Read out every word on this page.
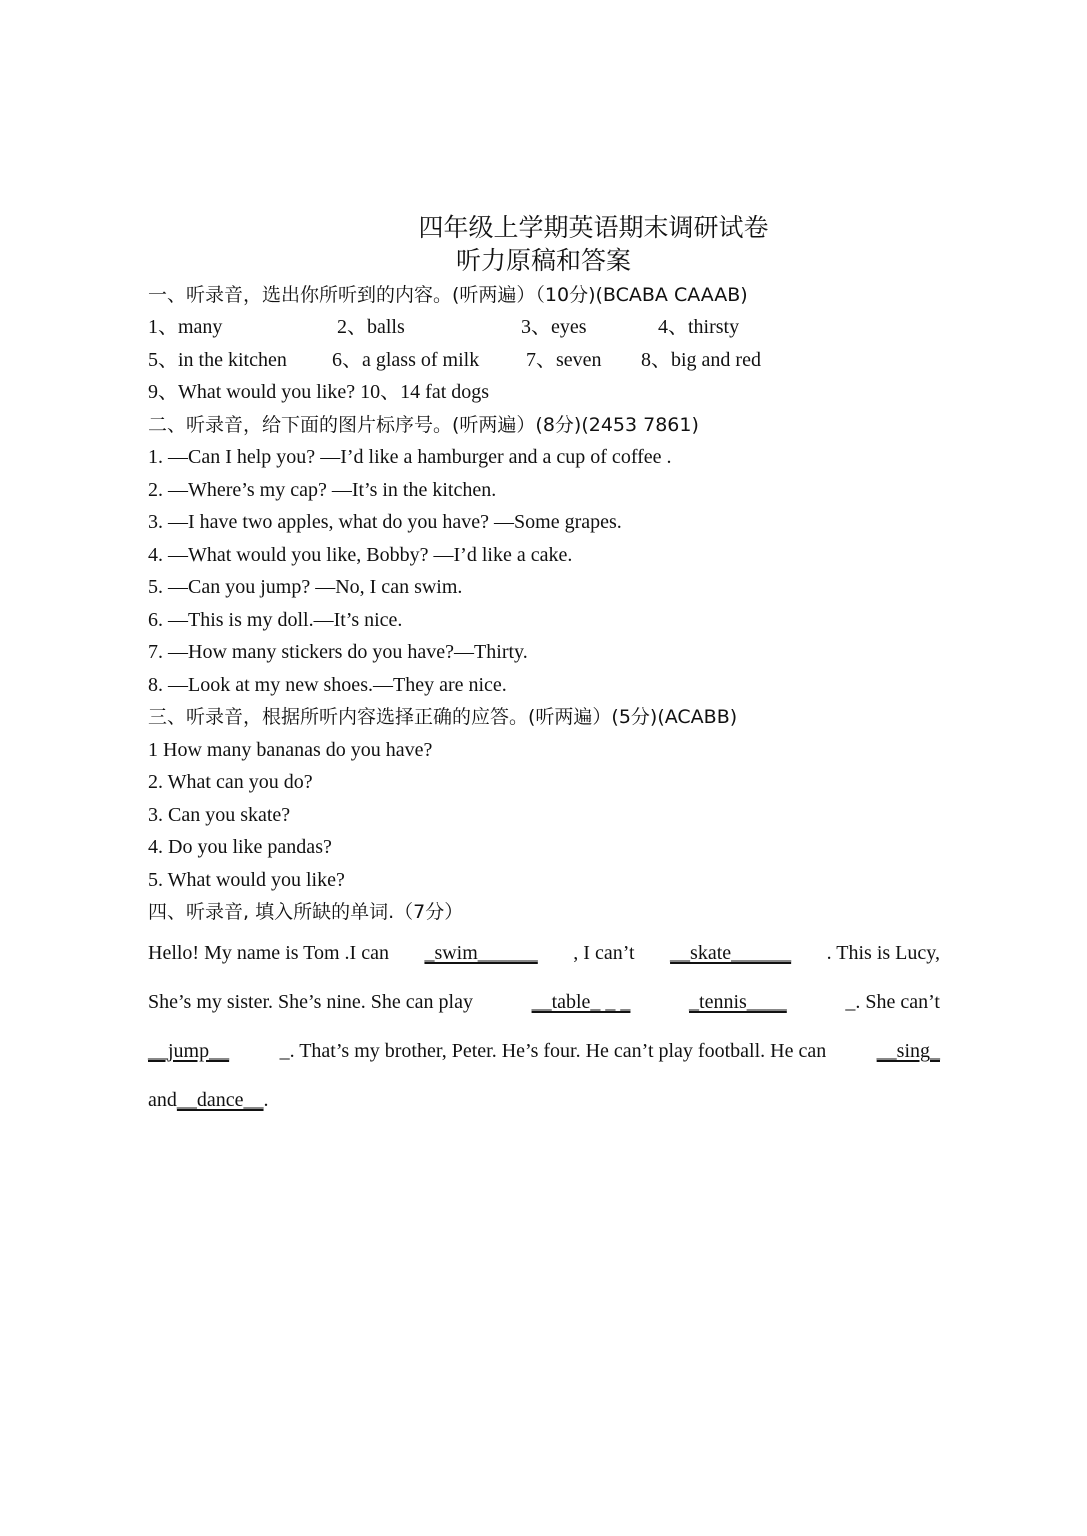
四年级上学期英语期末调研试卷
听力原稿和答案
一、听录音，选出你所听到的内容。(听两遍）（10分)(BCABA CAAAB)
1、many	2、balls	3、eyes	4、thirsty
5、in the kitchen 6、a glass of milk 7、seven 8、big and red
9、What would you like? 10、14 fat dogs
二、听录音，给下面的图片标序号。(听两遍）(8分)(2453 7861)
1. —Can I help you? —I’d like a hamburger and a cup of coffee .
2. —Where’s my cap? —It’s in the kitchen.
3. —I have two apples, what do you have? —Some grapes.
4. —What would you like, Bobby? —I’d like a cake.
5. —Can you jump? —No, I can swim.
6. —This is my doll.—It’s nice.
7. —How many stickers do you have?—Thirty.
8. —Look at my new shoes.—They are nice.
三、听录音，根据所听内容选择正确的应答。(听两遍）(5分)(ACABB)
1 How many bananas do you have?
2. What can you do?
3. Can you skate?
4. Do you like pandas?
5. What would you like?
四、听录音, 填入所缺的单词.（7分）
Hello! My name is Tom .I can _swim______ , I can’t __skate______ . This is Lucy,
She’s my sister. She’s nine. She can play	__table_ _ _	_tennis____	_. She can’t
__jump__	_. That’s my brother, Peter. He’s four. He can’t play football. He can	__sing_
and__dance__.
